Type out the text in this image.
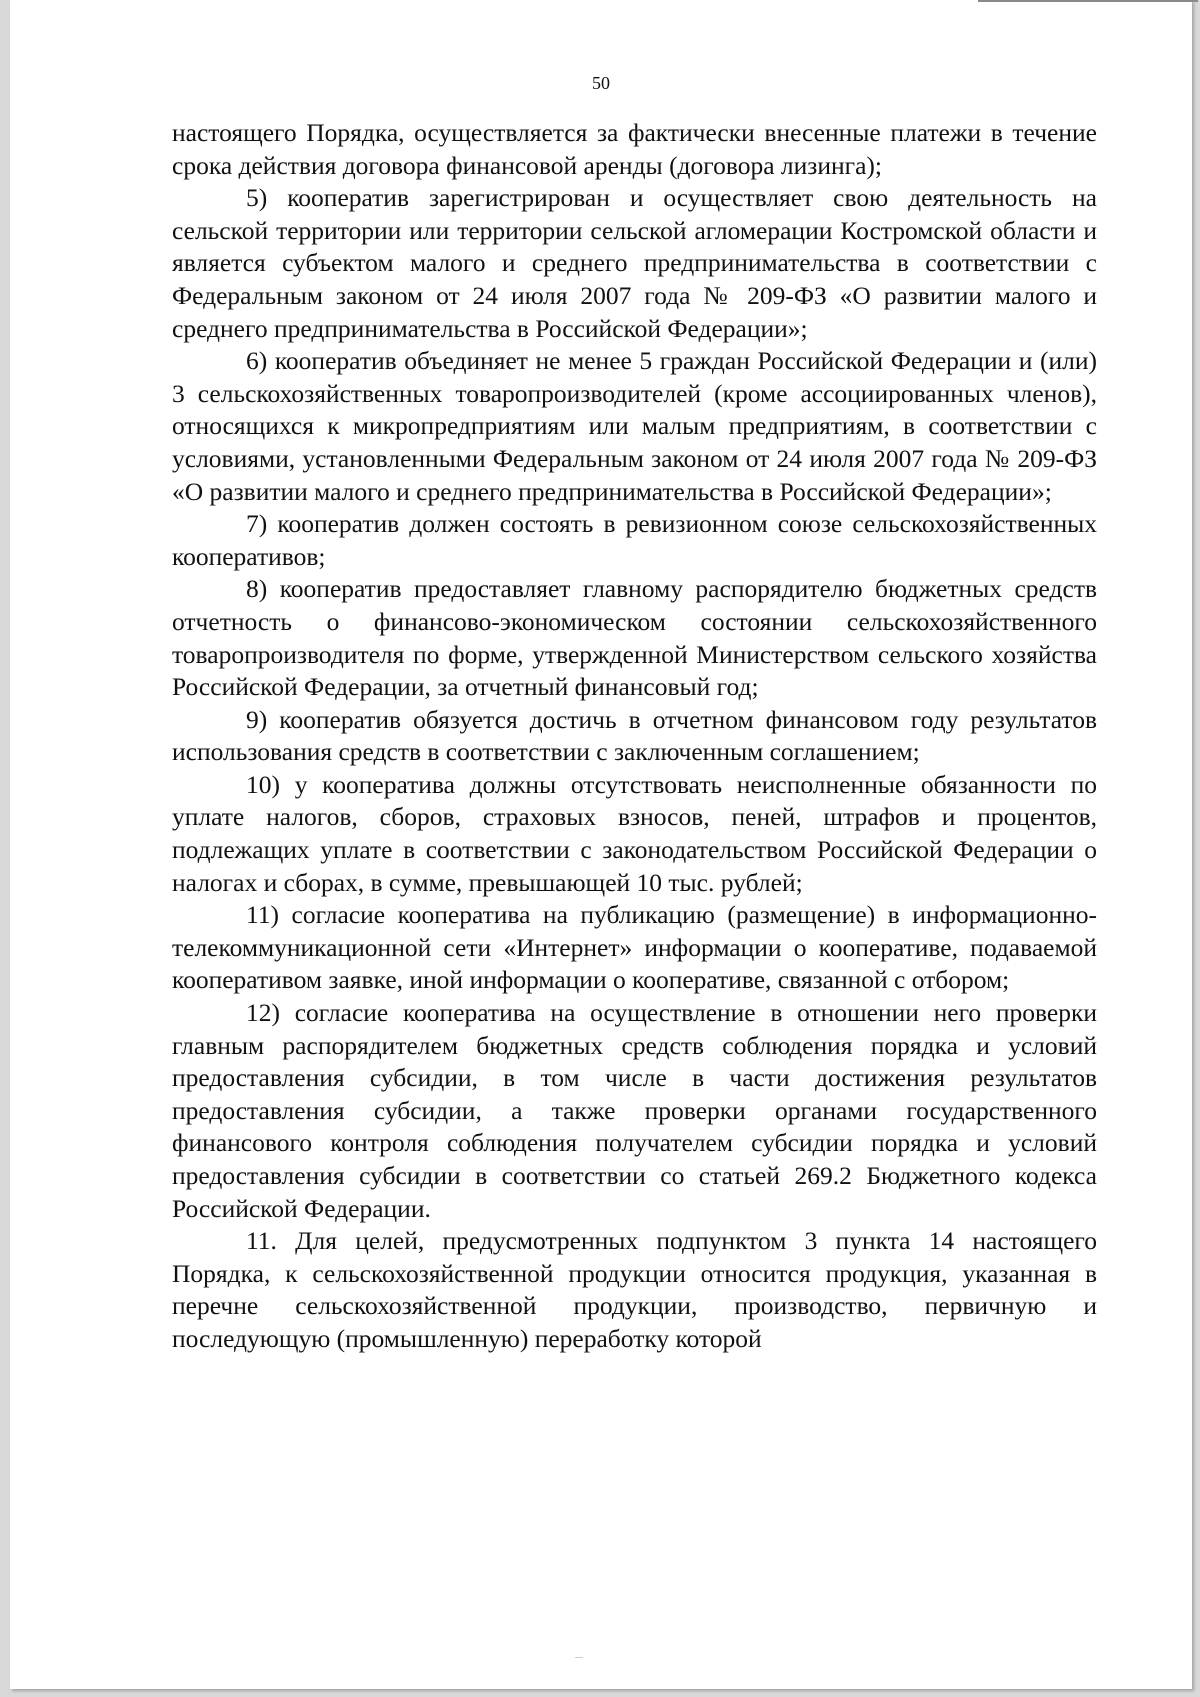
50

настоящего Порядка, осуществляется за фактически внесенные платежи в течение срока действия договора финансовой аренды (договора лизинга);

5) кооператив зарегистрирован и осуществляет свою деятельность на сельской территории или территории сельской агломерации Костромской области и является субъектом малого и среднего предпринимательства в соответствии с Федеральным законом от 24 июля 2007 года № 209-ФЗ «О развитии малого и среднего предпринимательства в Российской Федерации»;

6) кооператив объединяет не менее 5 граждан Российской Федерации и (или) 3 сельскохозяйственных товаропроизводителей (кроме ассоциированных членов), относящихся к микропредприятиям или малым предприятиям, в соответствии с условиями, установленными Федеральным законом от 24 июля 2007 года № 209-ФЗ «О развитии малого и среднего предпринимательства в Российской Федерации»;

7) кооператив должен состоять в ревизионном союзе сельскохозяйственных кооперативов;

8) кооператив предоставляет главному распорядителю бюджетных средств отчетность о финансово-экономическом состоянии сельскохозяйственного товаропроизводителя по форме, утвержденной Министерством сельского хозяйства Российской Федерации, за отчетный финансовый год;

9) кооператив обязуется достичь в отчетном финансовом году результатов использования средств в соответствии с заключенным соглашением;

10) у кооператива должны отсутствовать неисполненные обязанности по уплате налогов, сборов, страховых взносов, пеней, штрафов и процентов, подлежащих уплате в соответствии с законодательством Российской Федерации о налогах и сборах, в сумме, превышающей 10 тыс. рублей;

11) согласие кооператива на публикацию (размещение) в информационно-телекоммуникационной сети «Интернет» информации о кооперативе, подаваемой кооперативом заявке, иной информации о кооперативе, связанной с отбором;

12) согласие кооператива на осуществление в отношении него проверки главным распорядителем бюджетных средств соблюдения порядка и условий предоставления субсидии, в том числе в части достижения результатов предоставления субсидии, а также проверки органами государственного финансового контроля соблюдения получателем субсидии порядка и условий предоставления субсидии в соответствии со статьей 269.2 Бюджетного кодекса Российской Федерации.

11. Для целей, предусмотренных подпунктом 3 пункта 14 настоящего Порядка, к сельскохозяйственной продукции относится продукция, указанная в перечне сельскохозяйственной продукции, производство, первичную и последующую (промышленную) переработку которой
